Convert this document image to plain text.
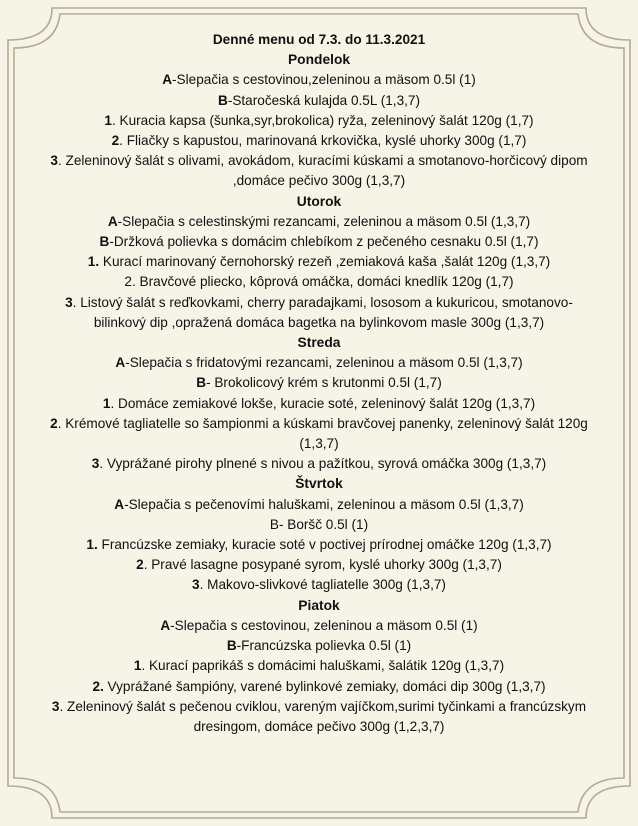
Denné menu od 7.3. do 11.3.2021
Pondelok
A-Slepačia s cestovinou,zeleninou a mäsom 0.5l (1)
B-Staročeská kulajda 0.5L (1,3,7)
1. Kuracia kapsa (šunka,syr,brokolica) ryža, zeleninový šalát 120g (1,7)
2. Fliačky s kapustou, marinovaná krkovička, kyslé uhorky 300g (1,7)
3. Zeleninový šalát s olivami, avokádom, kuracími kúskami a smotanovo-horčicový dipom ,domáce pečivo 300g (1,3,7)
Utorok
A-Slepačia s celestinskými rezancami, zeleninou a mäsom 0.5l (1,3,7)
B-Držková polievka s domácim chlebíkom z pečeného cesnaku 0.5l (1,7)
1. Kurací marinovaný černohorský rezeň ,zemiaková kaša ,šalát 120g (1,3,7)
2. Bravčové pliecko, kôprová omáčka, domáci knedlík 120g (1,7)
3. Listový šalát s reďkovkami, cherry paradajkami, lososom a kukuricou, smotanovo-bilinkový dip ,opražená domáca bagetka na bylinkovom masle 300g (1,3,7)
Streda
A-Slepačia s fridatovými rezancami, zeleninou a mäsom 0.5l (1,3,7)
B- Brokolicový krém s krutonmi 0.5l (1,7)
1. Domáce zemiakové lokše, kuracie soté, zeleninový šalát 120g (1,3,7)
2. Krémové tagliatelle so šampionmi a kúskami bravčovej panenky, zeleninový šalát 120g (1,3,7)
3. Vyprážané pirohy plnené s nivou a pažítkou, syrová omáčka 300g (1,3,7)
Štvrtok
A-Slepačia s pečenovími haluškami, zeleninou a mäsom 0.5l (1,3,7)
B- Boršč 0.5l (1)
1. Francúzske zemiaky, kuracie soté v poctivej prírodnej omáčke 120g (1,3,7)
2. Pravé lasagne posypané syrom, kyslé uhorky 300g (1,3,7)
3. Makovo-slivkové tagliatelle 300g (1,3,7)
Piatok
A-Slepačia s cestovinou, zeleninou a mäsom 0.5l (1)
B-Francúzska polievka 0.5l (1)
1. Kurací paprikáš s domácimi haluškami, šalátik 120g (1,3,7)
2. Vyprážané šampióny, varené bylinkové zemiaky, domáci dip 300g (1,3,7)
3. Zeleninový šalát s pečenou cviklou, vareným vajíčkom,surimi tyčinkami a francúzskym dresingom, domáce pečivo 300g (1,2,3,7)
